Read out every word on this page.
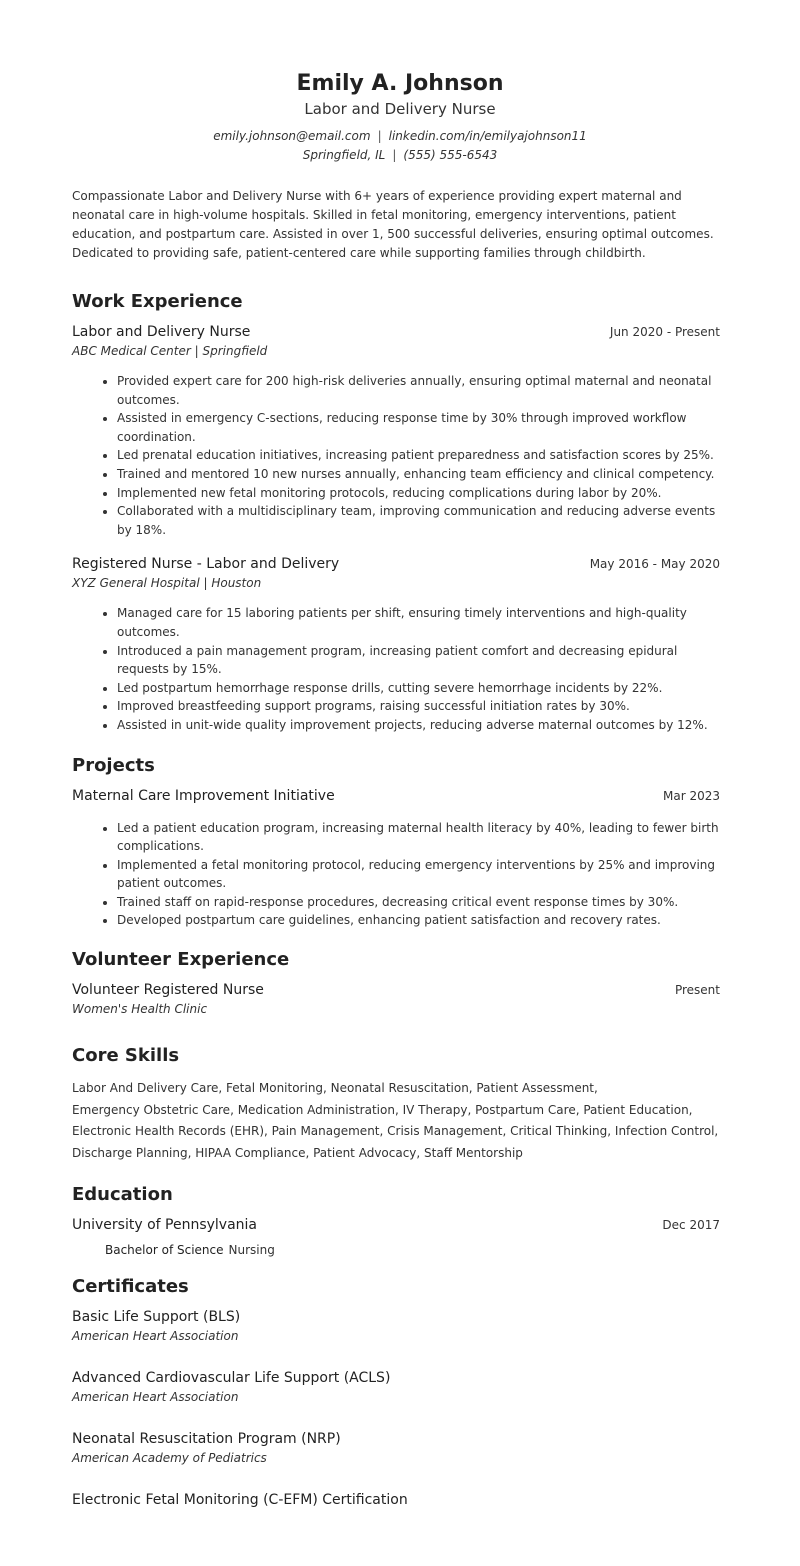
Emily A. Johnson
Labor and Delivery Nurse
emily.johnson@email.com | linkedin.com/in/emilyajohnson11
Springfield, IL | (555) 555-6543
Compassionate Labor and Delivery Nurse with 6+ years of experience providing expert maternal and neonatal care in high-volume hospitals. Skilled in fetal monitoring, emergency interventions, patient education, and postpartum care. Assisted in over 1, 500 successful deliveries, ensuring optimal outcomes. Dedicated to providing safe, patient-centered care while supporting families through childbirth.
Work Experience
Labor and Delivery Nurse	Jun 2020 - Present
ABC Medical Center | Springfield
• Provided expert care for 200 high-risk deliveries annually, ensuring optimal maternal and neonatal outcomes.
• Assisted in emergency C-sections, reducing response time by 30% through improved workflow coordination.
• Led prenatal education initiatives, increasing patient preparedness and satisfaction scores by 25%.
• Trained and mentored 10 new nurses annually, enhancing team efficiency and clinical competency.
• Implemented new fetal monitoring protocols, reducing complications during labor by 20%.
• Collaborated with a multidisciplinary team, improving communication and reducing adverse events by 18%.
Registered Nurse - Labor and Delivery	May 2016 - May 2020
XYZ General Hospital | Houston
• Managed care for 15 laboring patients per shift, ensuring timely interventions and high-quality outcomes.
• Introduced a pain management program, increasing patient comfort and decreasing epidural requests by 15%.
• Led postpartum hemorrhage response drills, cutting severe hemorrhage incidents by 22%.
• Improved breastfeeding support programs, raising successful initiation rates by 30%.
• Assisted in unit-wide quality improvement projects, reducing adverse maternal outcomes by 12%.
Projects
Maternal Care Improvement Initiative	Mar 2023
• Led a patient education program, increasing maternal health literacy by 40%, leading to fewer birth complications.
• Implemented a fetal monitoring protocol, reducing emergency interventions by 25% and improving patient outcomes.
• Trained staff on rapid-response procedures, decreasing critical event response times by 30%.
• Developed postpartum care guidelines, enhancing patient satisfaction and recovery rates.
Volunteer Experience
Volunteer Registered Nurse	Present
Women's Health Clinic
Core Skills
Labor And Delivery Care, Fetal Monitoring, Neonatal Resuscitation, Patient Assessment,
Emergency Obstetric Care, Medication Administration, IV Therapy, Postpartum Care, Patient Education,
Electronic Health Records (EHR), Pain Management, Crisis Management, Critical Thinking, Infection Control,
Discharge Planning, HIPAA Compliance, Patient Advocacy, Staff Mentorship
Education
University of Pennsylvania	Dec 2017
Bachelor of Science Nursing
Certificates
Basic Life Support (BLS)
American Heart Association
Advanced Cardiovascular Life Support (ACLS)
American Heart Association
Neonatal Resuscitation Program (NRP)
American Academy of Pediatrics
Electronic Fetal Monitoring (C-EFM) Certification
